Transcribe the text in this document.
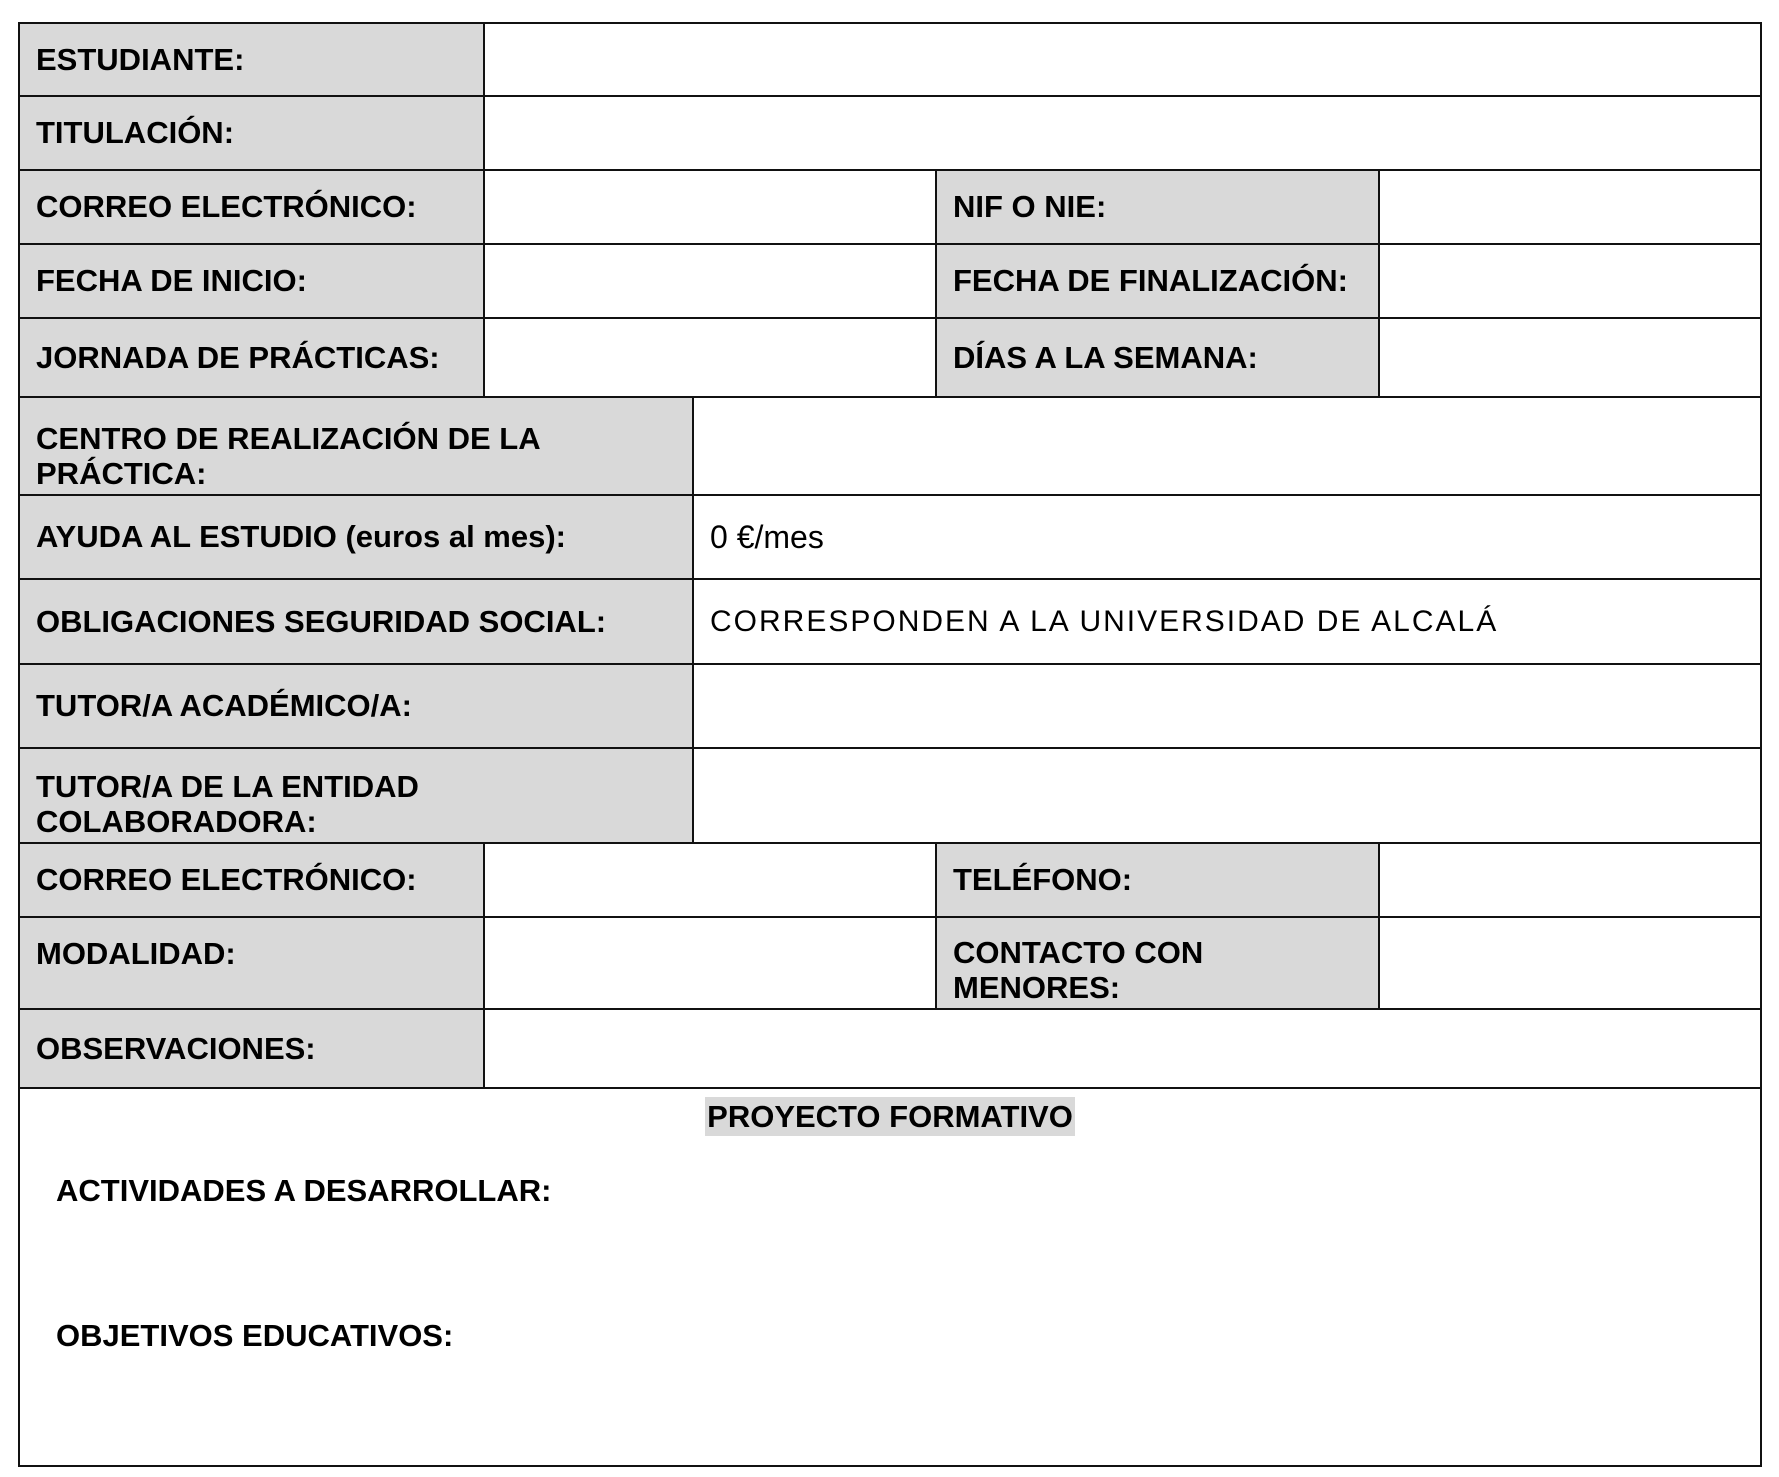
ESTUDIANTE:
TITULACIÓN:
CORREO ELECTRÓNICO:	NIF O NIE:
FECHA DE INICIO:	FECHA DE FINALIZACIÓN:
JORNADA DE PRÁCTICAS:	DÍAS A LA SEMANA:
CENTRO DE REALIZACIÓN DE LA PRÁCTICA:
AYUDA AL ESTUDIO (euros al mes):	0 €/mes
OBLIGACIONES SEGURIDAD SOCIAL:	CORRESPONDEN A LA UNIVERSIDAD DE ALCALÁ
TUTOR/A ACADÉMICO/A:
TUTOR/A DE LA ENTIDAD COLABORADORA:
CORREO ELECTRÓNICO:	TELÉFONO:
MODALIDAD:	CONTACTO CON MENORES:
OBSERVACIONES:
PROYECTO FORMATIVO
ACTIVIDADES A DESARROLLAR:
OBJETIVOS EDUCATIVOS:
